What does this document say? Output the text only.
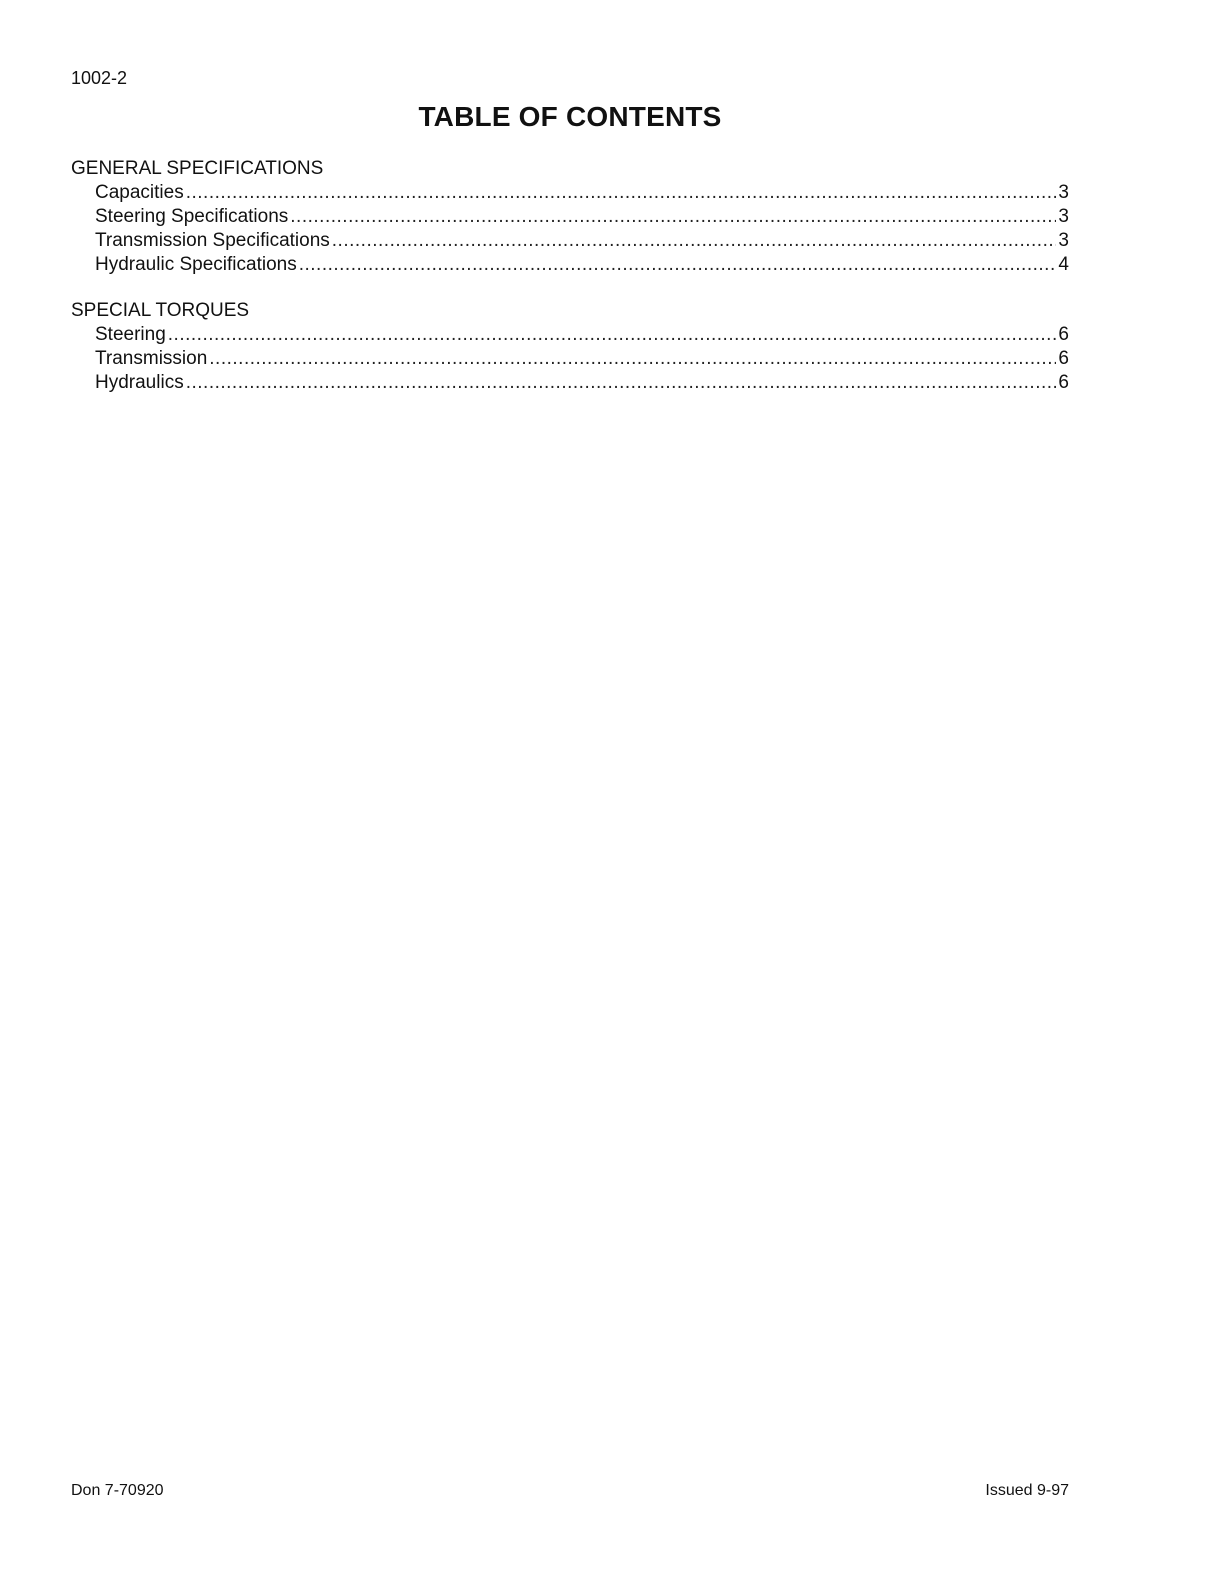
1002-2
TABLE OF CONTENTS
GENERAL SPECIFICATIONS
Capacities .....	3
Steering Specifications .....	3
Transmission Specifications .....	3
Hydraulic Specifications .....	4
SPECIAL TORQUES
Steering .....	6
Transmission .....	6
Hydraulics .....	6
Don 7-70920	Issued 9-97
